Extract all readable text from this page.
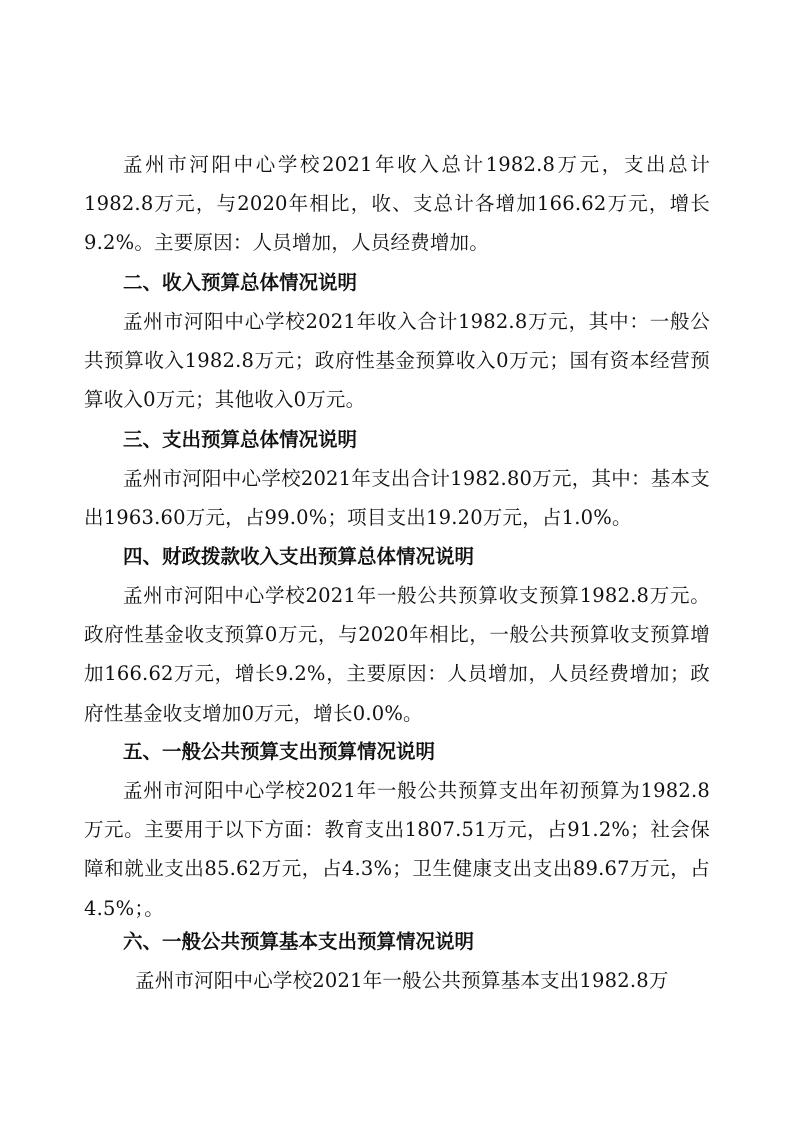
孟州市河阳中心学校2021年收入总计1982.8万元，支出总计1982.8万元，与2020年相比，收、支总计各增加166.62万元，增长9.2%。主要原因：人员增加，人员经费增加。

二、收入预算总体情况说明

孟州市河阳中心学校2021年收入合计1982.8万元，其中：一般公共预算收入1982.8万元；政府性基金预算收入0万元；国有资本经营预算收入0万元；其他收入0万元。

三、支出预算总体情况说明

孟州市河阳中心学校2021年支出合计1982.80万元，其中：基本支出1963.60万元，占99.0%；项目支出19.20万元，占1.0%。

四、财政拨款收入支出预算总体情况说明

孟州市河阳中心学校2021年一般公共预算收支预算1982.8万元。政府性基金收支预算0万元，与2020年相比，一般公共预算收支预算增加166.62万元，增长9.2%，主要原因：人员增加，人员经费增加；政府性基金收支增加0万元，增长0.0%。

五、一般公共预算支出预算情况说明

孟州市河阳中心学校2021年一般公共预算支出年初预算为1982.8万元。主要用于以下方面：教育支出1807.51万元，占91.2%；社会保障和就业支出85.62万元，占4.3%；卫生健康支出支出89.67万元，占4.5%；。

六、一般公共预算基本支出预算情况说明

孟州市河阳中心学校2021年一般公共预算基本支出1982.8万
